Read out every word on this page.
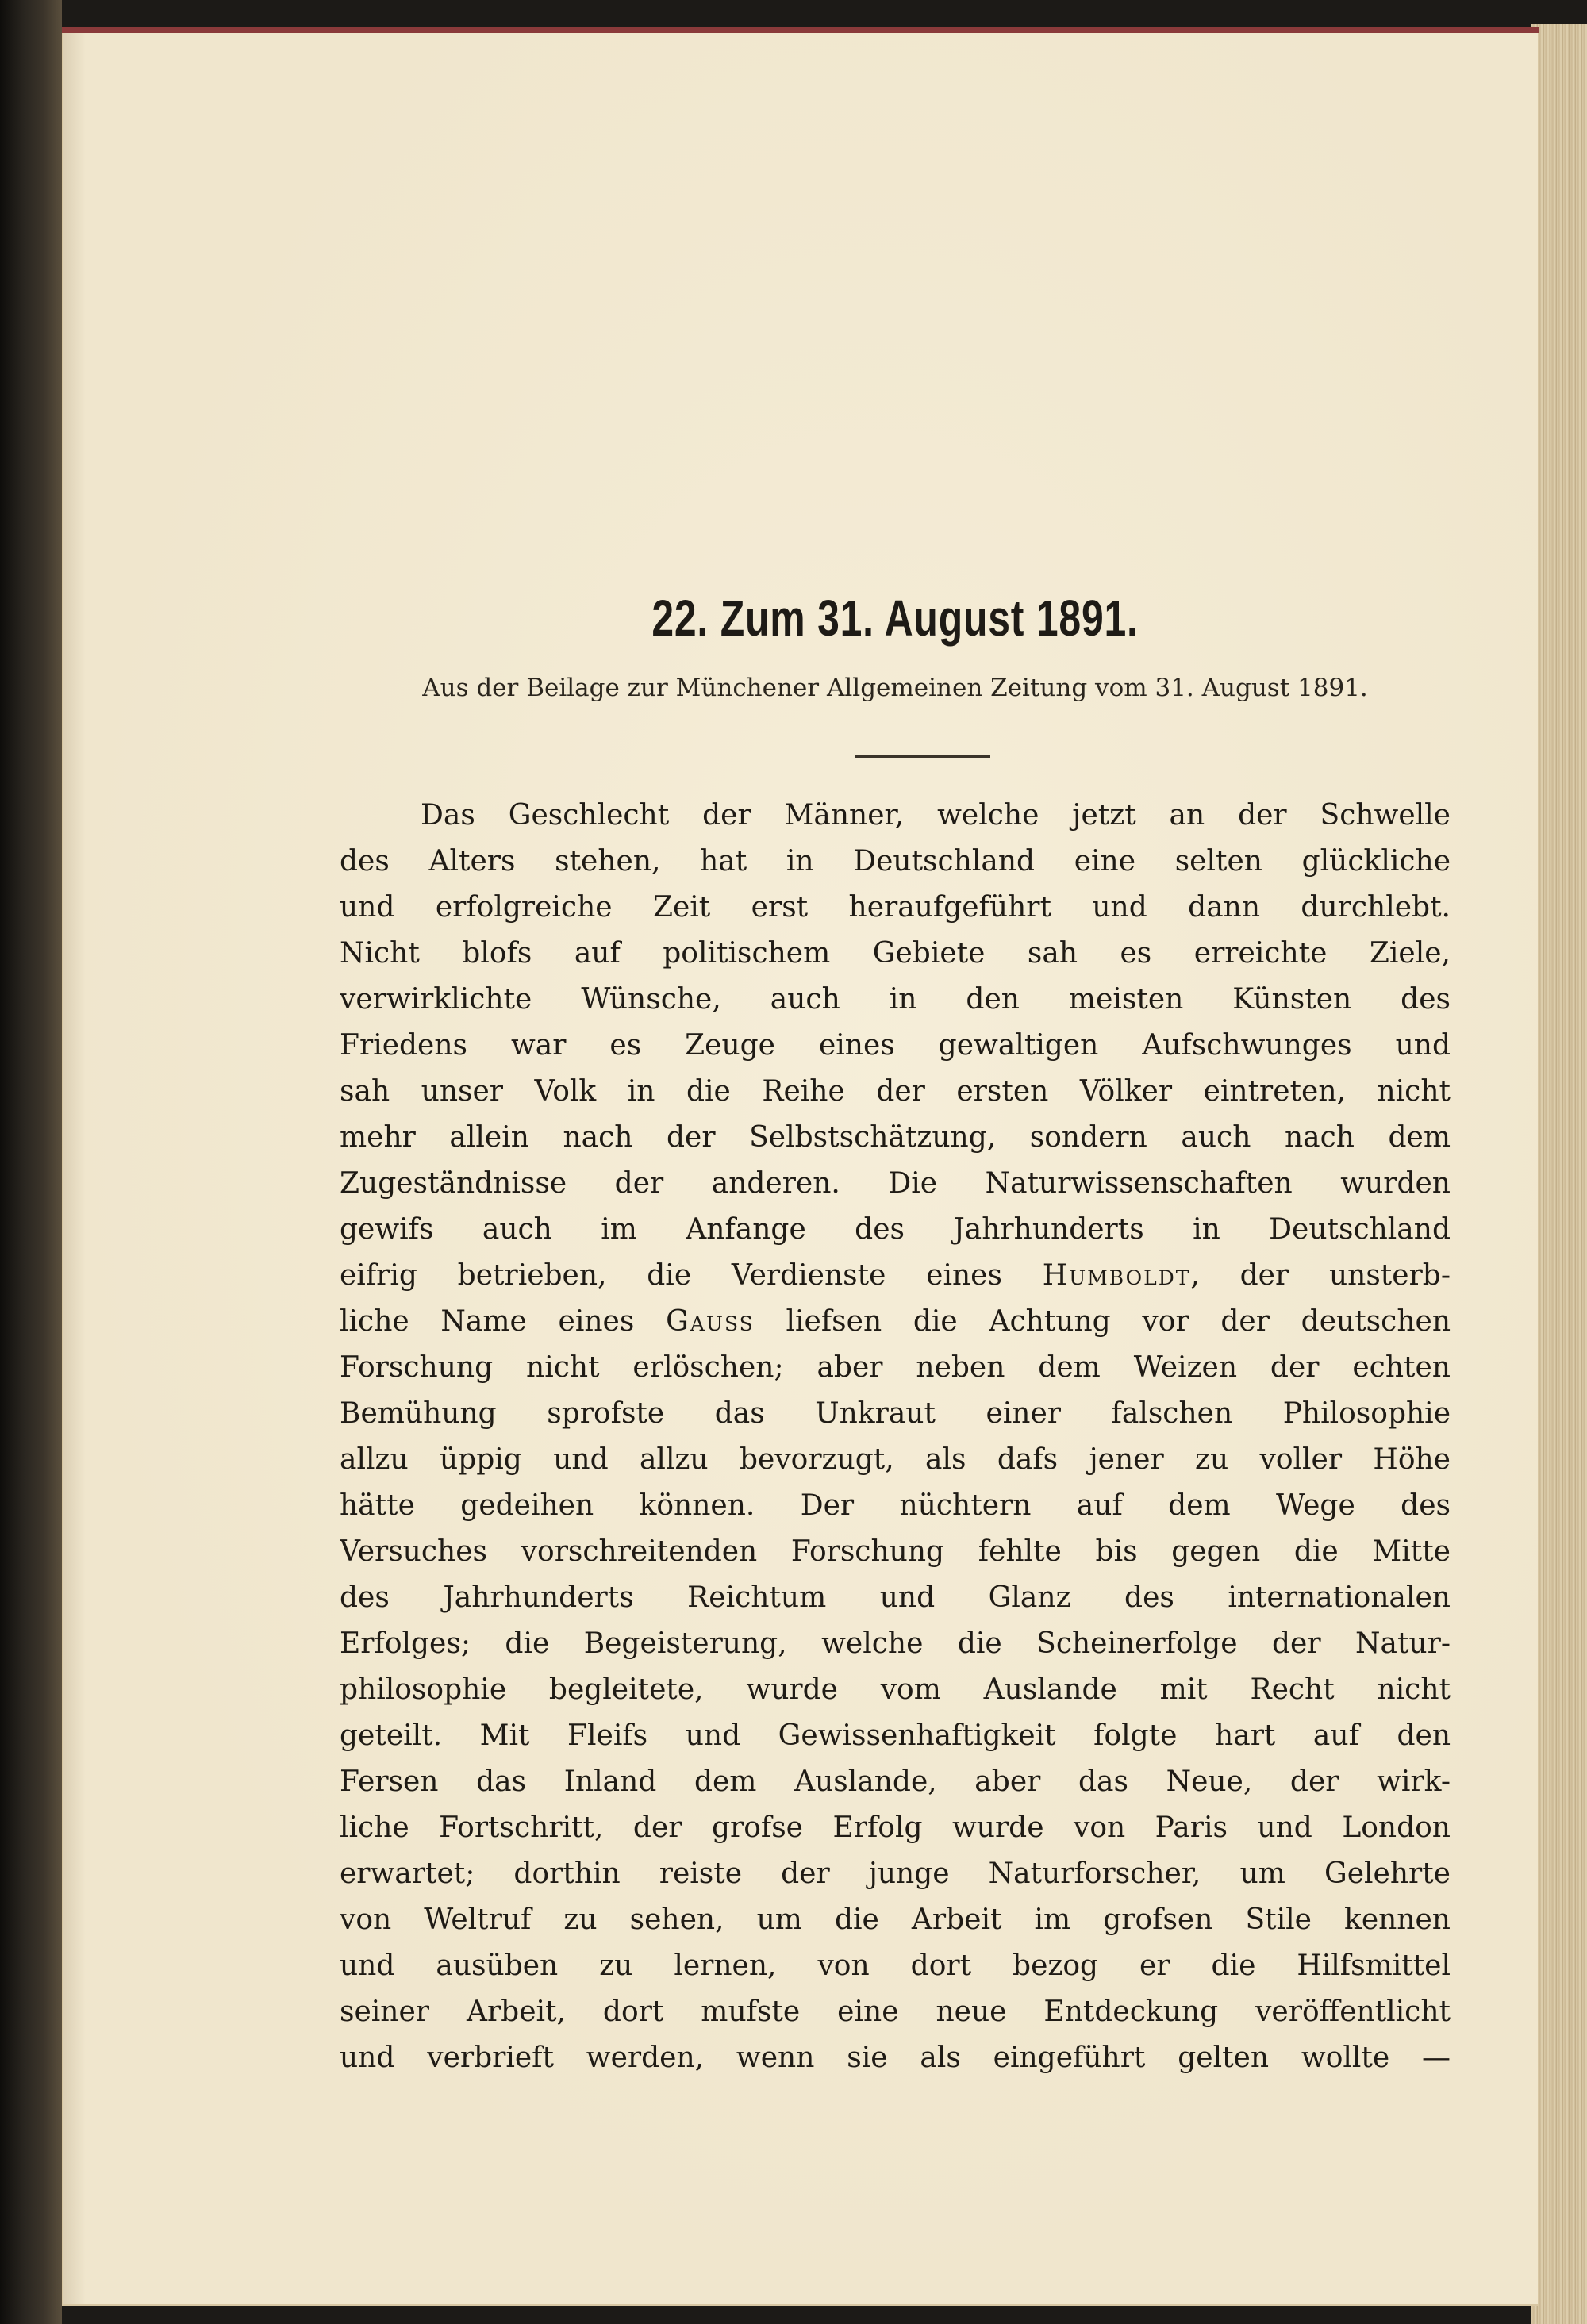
22. Zum 31. August 1891.
Aus der Beilage zur Münchener Allgemeinen Zeitung vom 31. August 1891.
Das Geschlecht der Männer, welche jetzt an der Schwelle
des Alters stehen, hat in Deutschland eine selten glückliche
und erfolgreiche Zeit erst heraufgeführt und dann durchlebt.
Nicht blofs auf politischem Gebiete sah es erreichte Ziele,
verwirklichte Wünsche, auch in den meisten Künsten des
Friedens war es Zeuge eines gewaltigen Aufschwunges und
sah unser Volk in die Reihe der ersten Völker eintreten, nicht
mehr allein nach der Selbstschätzung, sondern auch nach dem
Zugeständnisse der anderen. Die Naturwissenschaften wurden
gewifs auch im Anfange des Jahrhunderts in Deutschland
eifrig betrieben, die Verdienste eines Humboldt, der unsterb-
liche Name eines Gauss liefsen die Achtung vor der deutschen
Forschung nicht erlöschen; aber neben dem Weizen der echten
Bemühung sprofste das Unkraut einer falschen Philosophie
allzu üppig und allzu bevorzugt, als dafs jener zu voller Höhe
hätte gedeihen können. Der nüchtern auf dem Wege des
Versuches vorschreitenden Forschung fehlte bis gegen die Mitte
des Jahrhunderts Reichtum und Glanz des internationalen
Erfolges; die Begeisterung, welche die Scheinerfolge der Natur-
philosophie begleitete, wurde vom Auslande mit Recht nicht
geteilt. Mit Fleifs und Gewissenhaftigkeit folgte hart auf den
Fersen das Inland dem Auslande, aber das Neue, der wirk-
liche Fortschritt, der grofse Erfolg wurde von Paris und London
erwartet; dorthin reiste der junge Naturforscher, um Gelehrte
von Weltruf zu sehen, um die Arbeit im grofsen Stile kennen
und ausüben zu lernen, von dort bezog er die Hilfsmittel
seiner Arbeit, dort mufste eine neue Entdeckung veröffentlicht
und verbrieft werden, wenn sie als eingeführt gelten wollte —
